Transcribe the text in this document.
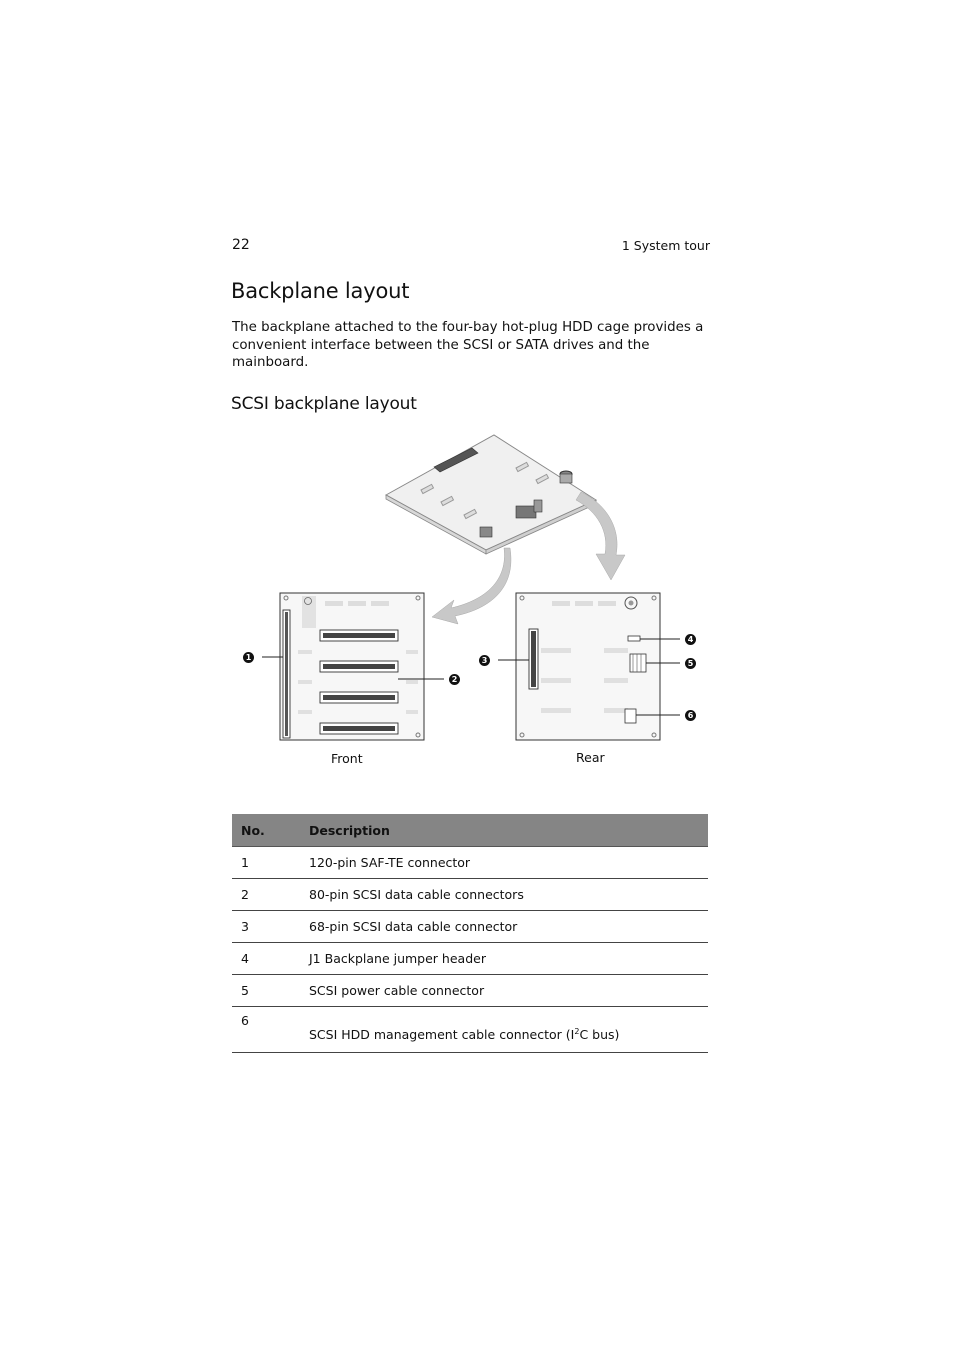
22	1 System tour
Backplane layout

The backplane attached to the four-bay hot-plug HDD cage provides a convenient interface between the SCSI or SATA drives and the mainboard.

SCSI backplane layout
1
2
3
4
5
6
Front	Rear
No.	Description
1	120-pin SAF-TE connector
2	80-pin SCSI data cable connectors
3	68-pin SCSI data cable connector
4	J1 Backplane jumper header
5	SCSI power cable connector
6	SCSI HDD management cable connector ($I^2C$ bus)
